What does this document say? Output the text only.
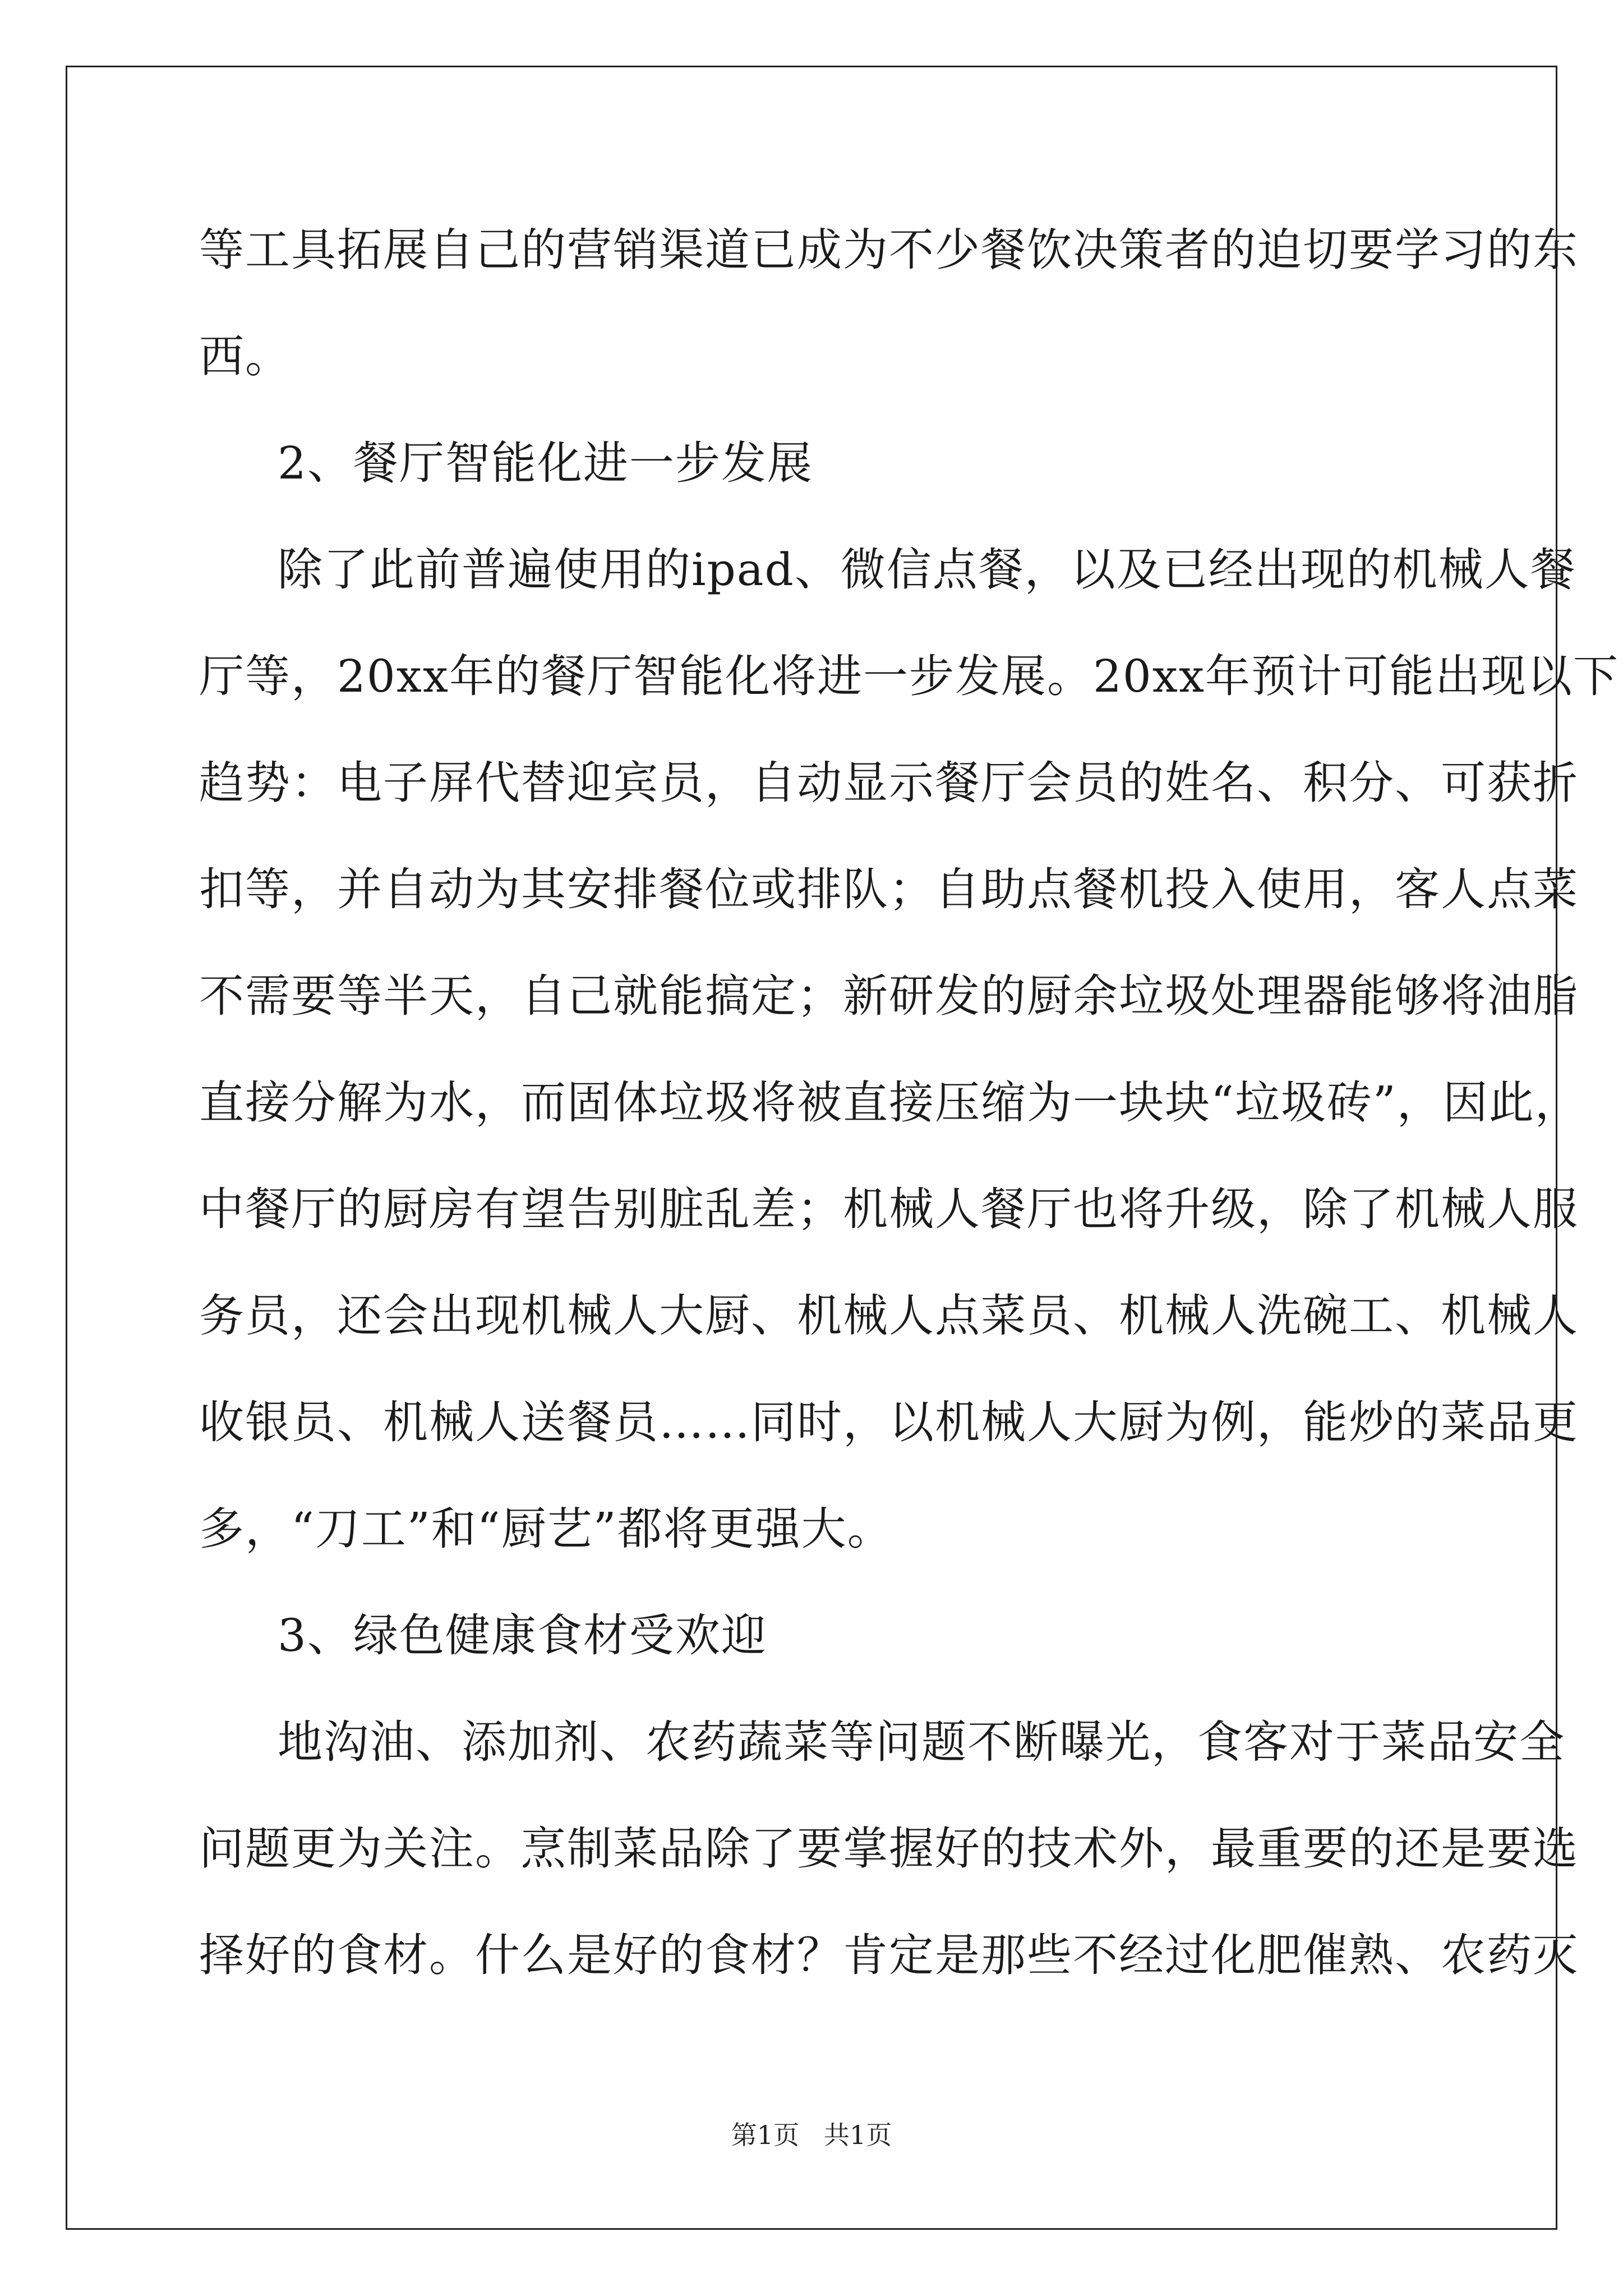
等工具拓展自己的营销渠道已成为不少餐饮决策者的迫切要学习的东
西。
2、餐厅智能化进一步发展
除了此前普遍使用的ipad、微信点餐，以及已经出现的机械人餐
厅等，20xx年的餐厅智能化将进一步发展。20xx年预计可能出现以下
趋势：电子屏代替迎宾员，自动显示餐厅会员的姓名、积分、可获折
扣等，并自动为其安排餐位或排队；自助点餐机投入使用，客人点菜
不需要等半天，自己就能搞定；新研发的厨余垃圾处理器能够将油脂
直接分解为水，而固体垃圾将被直接压缩为一块块“垃圾砖”，因此，
中餐厅的厨房有望告别脏乱差；机械人餐厅也将升级，除了机械人服
务员，还会出现机械人大厨、机械人点菜员、机械人洗碗工、机械人
收银员、机械人送餐员……同时，以机械人大厨为例，能炒的菜品更
多，“刀工”和“厨艺”都将更强大。
3、绿色健康食材受欢迎
地沟油、添加剂、农药蔬菜等问题不断曝光，食客对于菜品安全
问题更为关注。烹制菜品除了要掌握好的技术外，最重要的还是要选
择好的食材。什么是好的食材？肯定是那些不经过化肥催熟、农药灭
第1页   共1页
